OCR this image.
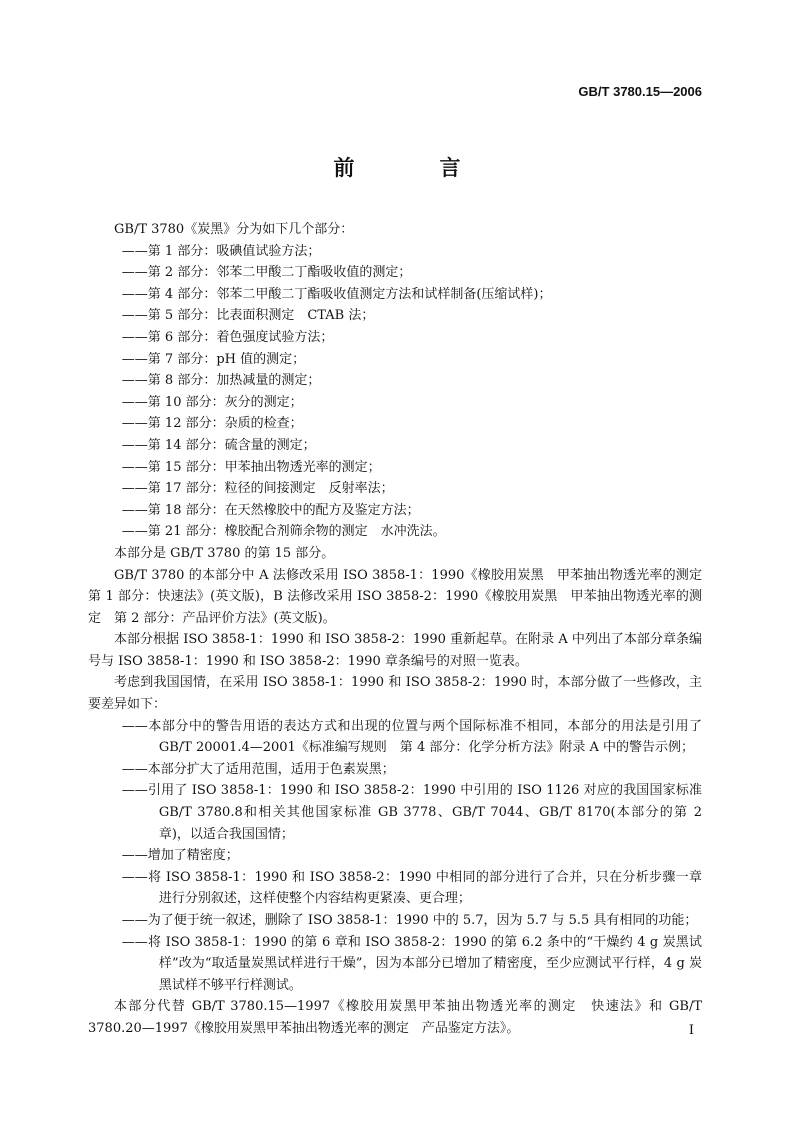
GB/T 3780.15—2006
前　言

GB/T 3780《炭黑》分为如下几个部分：

——第 1 部分：吸碘值试验方法；

——第 2 部分：邻苯二甲酸二丁酯吸收值的测定；

——第 4 部分：邻苯二甲酸二丁酯吸收值测定方法和试样制备(压缩试样)；

——第 5 部分：比表面积测定　CTAB 法；

——第 6 部分：着色强度试验方法；

——第 7 部分：pH 值的测定；

——第 8 部分：加热减量的测定；

——第 10 部分：灰分的测定；

——第 12 部分：杂质的检查；

——第 14 部分：硫含量的测定；

——第 15 部分：甲苯抽出物透光率的测定；

——第 17 部分：粒径的间接测定　反射率法；

——第 18 部分：在天然橡胶中的配方及鉴定方法；

——第 21 部分：橡胶配合剂筛余物的测定　水冲洗法。

本部分是 GB/T 3780 的第 15 部分。

GB/T 3780 的本部分中 A 法修改采用 ISO 3858-1：1990《橡胶用炭黑　甲苯抽出物透光率的测定　第 1 部分：快速法》(英文版)，B 法修改采用 ISO 3858-2：1990《橡胶用炭黑　甲苯抽出物透光率的测定　第 2 部分：产品评价方法》(英文版)。

本部分根据 ISO 3858-1：1990 和 ISO 3858-2：1990 重新起草。在附录 A 中列出了本部分章条编号与 ISO 3858-1：1990 和 ISO 3858-2：1990 章条编号的对照一览表。

考虑到我国国情，在采用 ISO 3858-1：1990 和 ISO 3858-2：1990 时，本部分做了一些修改，主要差异如下：

——本部分中的警告用语的表达方式和出现的位置与两个国际标准不相同，本部分的用法是引用了 GB/T 20001.4—2001《标准编写规则　第 4 部分：化学分析方法》附录 A 中的警告示例；

——本部分扩大了适用范围，适用于色素炭黑；

——引用了 ISO 3858-1：1990 和 ISO 3858-2：1990 中引用的 ISO 1126 对应的我国国家标准 GB/T 3780.8和相关其他国家标准 GB 3778、GB/T 7044、GB/T 8170(本部分的第 2 章)，以适合我国国情；

——增加了精密度；

——将 ISO 3858-1：1990 和 ISO 3858-2：1990 中相同的部分进行了合并，只在分析步骤一章进行分别叙述，这样使整个内容结构更紧凑、更合理；

——为了便于统一叙述，删除了 ISO 3858-1：1990 中的 5.7，因为 5.7 与 5.5 具有相同的功能；

——将 ISO 3858-1：1990 的第 6 章和 ISO 3858-2：1990 的第 6.2 条中的“干燥约 4 g 炭黑试样”改为“取适量炭黑试样进行干燥”，因为本部分已增加了精密度，至少应测试平行样，4 g 炭黑试样不够平行样测试。

本部分代替 GB/T 3780.15—1997《橡胶用炭黑甲苯抽出物透光率的测定　快速法》和 GB/T 3780.20—1997《橡胶用炭黑甲苯抽出物透光率的测定　产品鉴定方法》。	I
